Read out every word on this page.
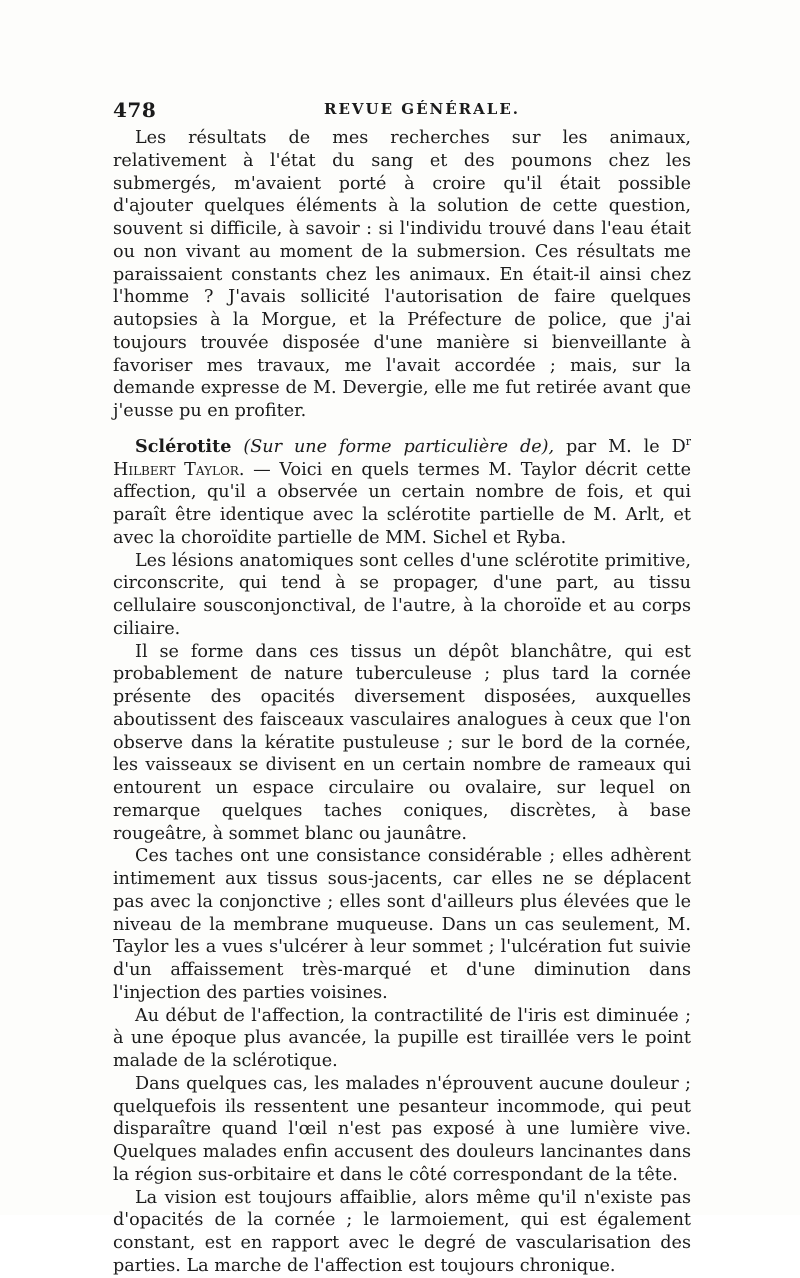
478	REVUE GÉNÉRALE.

Les résultats de mes recherches sur les animaux, relativement à l'état du sang et des poumons chez les submergés, m'avaient porté à croire qu'il était possible d'ajouter quelques éléments à la solution de cette question, souvent si difficile, à savoir : si l'individu trouvé dans l'eau était ou non vivant au moment de la submersion. Ces résultats me paraissaient constants chez les animaux. En était-il ainsi chez l'homme ? J'avais sollicité l'autorisation de faire quelques autopsies à la Morgue, et la Préfecture de police, que j'ai toujours trouvée disposée d'une manière si bienveillante à favoriser mes travaux, me l'avait accordée ; mais, sur la demande expresse de M. Devergie, elle me fut retirée avant que j'eusse pu en profiter.

Sclérotite (Sur une forme particulière de), par M. le $D^r$ Hilbert Taylor. — Voici en quels termes M. Taylor décrit cette affection, qu'il a observée un certain nombre de fois, et qui paraît être identique avec la sclérotite partielle de M. Arlt, et avec la choroïdite partielle de MM. Sichel et Ryba.

Les lésions anatomiques sont celles d'une sclérotite primitive, circonscrite, qui tend à se propager, d'une part, au tissu cellulaire sousconjonctival, de l'autre, à la choroïde et au corps ciliaire.

Il se forme dans ces tissus un dépôt blanchâtre, qui est probablement de nature tuberculeuse ; plus tard la cornée présente des opacités diversement disposées, auxquelles aboutissent des faisceaux vasculaires analogues à ceux que l'on observe dans la kératite pustuleuse ; sur le bord de la cornée, les vaisseaux se divisent en un certain nombre de rameaux qui entourent un espace circulaire ou ovalaire, sur lequel on remarque quelques taches coniques, discrètes, à base rougeâtre, à sommet blanc ou jaunâtre.

Ces taches ont une consistance considérable ; elles adhèrent intimement aux tissus sous-jacents, car elles ne se déplacent pas avec la conjonctive ; elles sont d'ailleurs plus élevées que le niveau de la membrane muqueuse. Dans un cas seulement, M. Taylor les a vues s'ulcérer à leur sommet ; l'ulcération fut suivie d'un affaissement très-marqué et d'une diminution dans l'injection des parties voisines.

Au début de l'affection, la contractilité de l'iris est diminuée ; à une époque plus avancée, la pupille est tiraillée vers le point malade de la sclérotique.

Dans quelques cas, les malades n'éprouvent aucune douleur ; quelquefois ils ressentent une pesanteur incommode, qui peut disparaître quand l'œil n'est pas exposé à une lumière vive. Quelques malades enfin accusent des douleurs lancinantes dans la région sus-orbitaire et dans le côté correspondant de la tête.

La vision est toujours affaiblie, alors même qu'il n'existe pas d'opacités de la cornée ; le larmoiement, qui est également constant, est en rapport avec le degré de vascularisation des parties. La marche de l'affection est toujours chronique.
